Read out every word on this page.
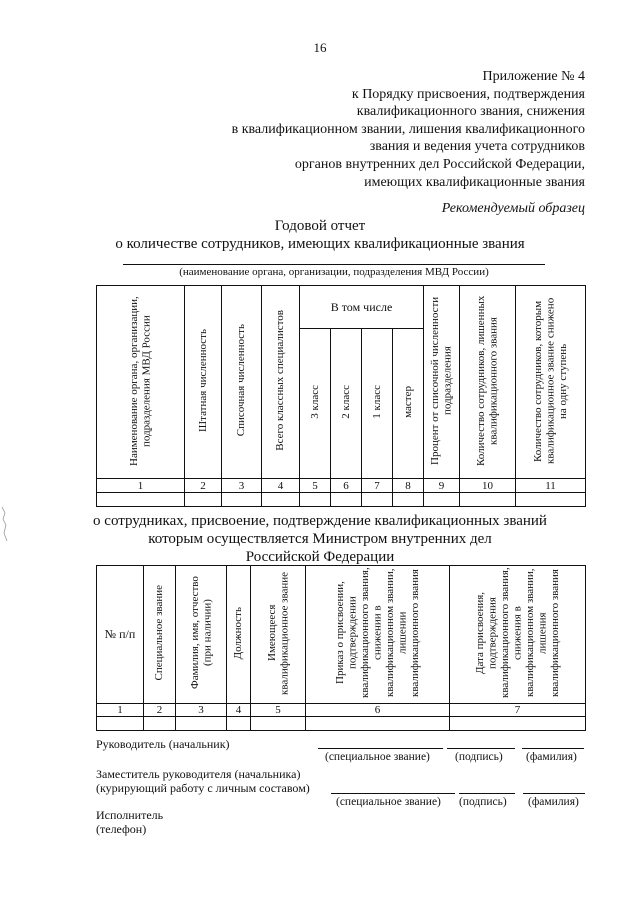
16
Приложение № 4
к Порядку присвоения, подтверждения
квалификационного звания, снижения
в квалификационном звании, лишения квалификационного
звания и ведения учета сотрудников
органов внутренних дел Российской Федерации,
имеющих квалификационные звания
Рекомендуемый образец
Годовой отчет
о количестве сотрудников, имеющих квалификационные звания
(наименование органа, организации, подразделения МВД России)
Наименование органа, организации, подразделения МВД России	Штатная численность	Списочная численность	Всего классных специалистов	В том числе				Процент от списочной численности подразделения	Количество сотрудников, лишенных квалификационного звания	Количество сотрудников, которым квалификационное звание снижено на одну ступень
				3 класс	2 класс	1 класс	мастер			
1	2	3	4	5	6	7	8	9	10	11

о сотрудниках, присвоение, подтверждение квалификационных званий
которым осуществляется Министром внутренних дел
Российской Федерации
№ п/п	Специальное звание	Фамилия, имя, отчество (при наличии)	Должность	Имеющееся квалификационное звание	Приказ о присвоении, подтверждении квалификационного звания, снижении в квалификационном звании, лишении квалификационного звания	Дата присвоения, подтверждения квалификационного звания, снижения в квалификационном звании, лишения квалификационного звания
1	2	3	4	5	6	7

Руководитель (начальник)
(специальное звание) (подпись) (фамилия)
Заместитель руководителя (начальника)
(курирующий работу с личным составом)
(специальное звание) (подпись) (фамилия)
Исполнитель
(телефон)
